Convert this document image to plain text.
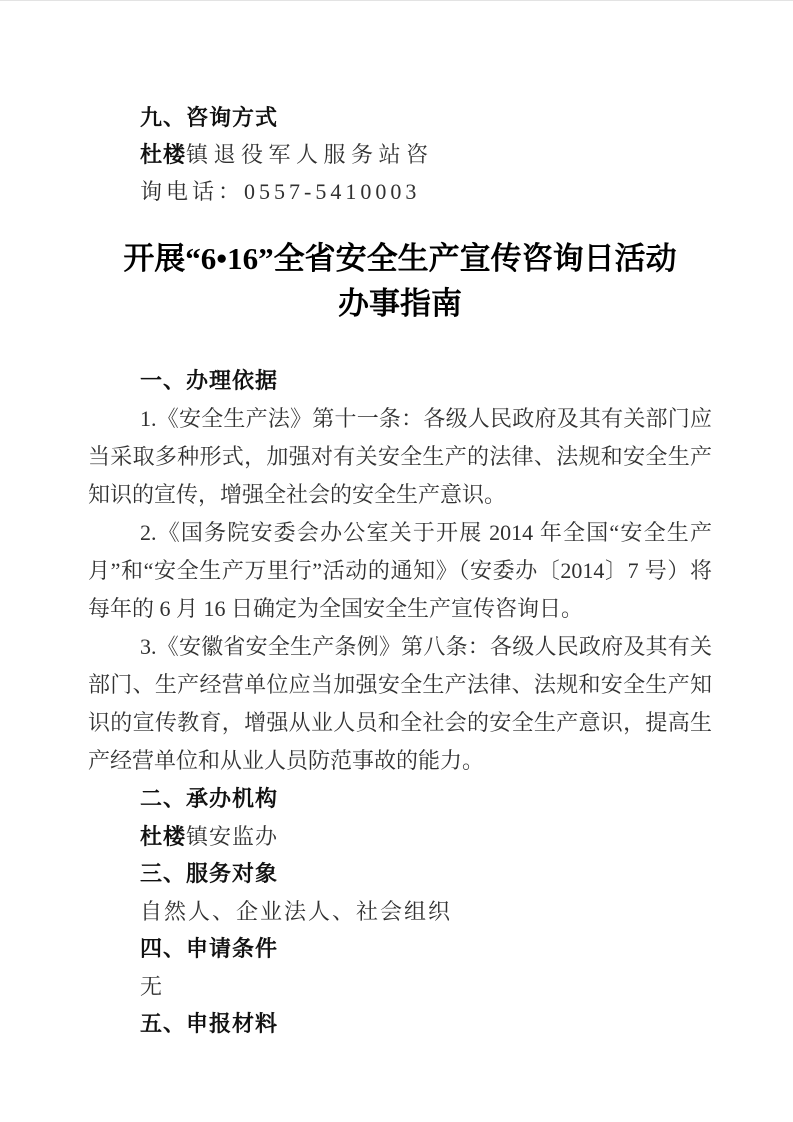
九、咨询方式
杜楼镇退役军人服务站咨
询电话：0557-5410003
开展“6•16”全省安全生产宣传咨询日活动
办事指南
一、办理依据

1.《安全生产法》第十一条：各级人民政府及其有关部门应当采取多种形式，加强对有关安全生产的法律、法规和安全生产知识的宣传，增强全社会的安全生产意识。

2.《国务院安委会办公室关于开展 2014 年全国“安全生产月”和“安全生产万里行”活动的通知》（安委办〔2014〕7 号）将每年的 6 月 16 日确定为全国安全生产宣传咨询日。

3.《安徽省安全生产条例》第八条：各级人民政府及其有关部门、生产经营单位应当加强安全生产法律、法规和安全生产知识的宣传教育，增强从业人员和全社会的安全生产意识，提高生产经营单位和从业人员防范事故的能力。

二、承办机构
杜楼镇安监办
三、服务对象
自然人、企业法人、社会组织
四、申请条件
无
五、申报材料
